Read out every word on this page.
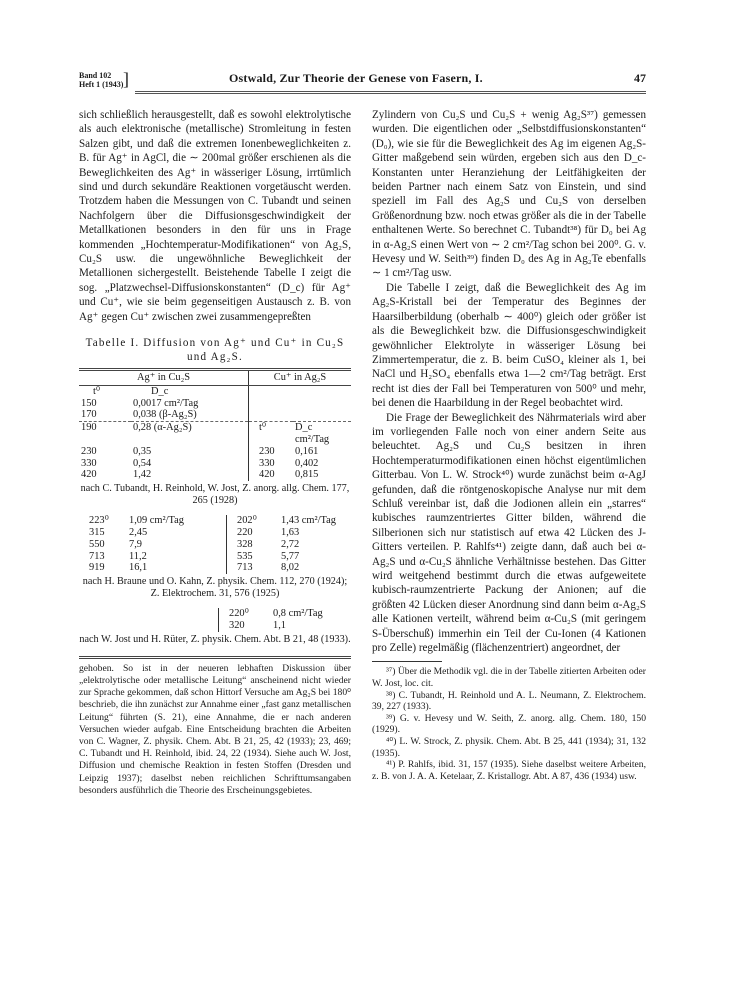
Band 102
Heft 1 (1943) ]	Ostwald, Zur Theorie der Genese von Fasern, I.	47

sich schließlich herausgestellt, daß es sowohl elektrolytische als auch elektronische (metallische) Stromleitung in festen Salzen gibt, und daß die extremen Ionenbeweglichkeiten z. B. für Ag⁺ in AgCl, die ∼ 200mal größer erschienen als die Beweglichkeiten des Ag⁺ in wässeriger Lösung, irrtümlich sind und durch sekundäre Reaktionen vorgetäuscht werden. Trotzdem haben die Messungen von C. Tubandt und seinen Nachfolgern über die Diffusionsgeschwindigkeit der Metallkationen besonders in den für uns in Frage kommenden „Hochtemperatur-Modifikationen“ von Ag₂S, Cu₂S usw. die ungewöhnliche Beweglichkeit der Metallionen sichergestellt. Beistehende Tabelle I zeigt die sog. „Platzwechsel-Diffusionskonstanten“ (D_c) für Ag⁺ und Cu⁺, wie sie beim gegenseitigen Austausch z. B. von Ag⁺ gegen Cu⁺ zwischen zwei zusammengepreßten

Tabelle I. Diffusion von Ag⁺ und Cu⁺ in Cu₂S und Ag₂S.
Ag⁺ in Cu₂S		Cu⁺ in Ag₂S	
t⁰	D_c		
150	0,0017 cm²/Tag		
170	0,038 (β-Ag₂S)		
190	0,28 (α-Ag₂S)	t⁰	D_c cm²/Tag
230	0,35	230	0,161
330	0,54	330	0,402
420	1,42	420	0,815
nach C. Tubandt, H. Reinhold, W. Jost, Z. anorg. allg. Chem. 177, 265 (1928)
223⁰	1,09 cm²/Tag	202⁰	1,43 cm²/Tag
315	2,45	220	1,63
550	7,9	328	2,72
713	11,2	535	5,77
919	16,1	713	8,02
nach H. Braune und O. Kahn, Z. physik. Chem. 112, 270 (1924); Z. Elektrochem. 31, 576 (1925)
		220⁰	0,8 cm²/Tag
		320	1,1
nach W. Jost und H. Rüter, Z. physik. Chem. Abt. B 21, 48 (1933).

gehoben. So ist in der neueren lebhaften Diskussion über „elektrolytische oder metallische Leitung“ anscheinend nicht wieder zur Sprache gekommen, daß schon Hittorf Versuche am Ag₂S bei 180⁰ beschrieb, die ihn zunächst zur Annahme einer „fast ganz metallischen Leitung“ führten (S. 21), eine Annahme, die er nach anderen Versuchen wieder aufgab. Eine Entscheidung brachten die Arbeiten von C. Wagner, Z. physik. Chem. Abt. B 21, 25, 42 (1933); 23, 469; C. Tubandt und H. Reinhold, ibid. 24, 22 (1934). Siehe auch W. Jost, Diffusion und chemische Reaktion in festen Stoffen (Dresden und Leipzig 1937); daselbst neben reichlichen Schrifttumsangaben besonders ausführlich die Theorie des Erscheinungsgebietes.

Zylindern von Cu₂S und Cu₂S + wenig Ag₂S³⁷) gemessen wurden. Die eigentlichen oder „Selbstdiffusionskonstanten“ (D₀), wie sie für die Beweglichkeit des Ag im eigenen Ag₂S-Gitter maßgebend sein würden, ergeben sich aus den D_c-Konstanten unter Heranziehung der Leitfähigkeiten der beiden Partner nach einem Satz von Einstein, und sind speziell im Fall des Ag₂S und Cu₂S von derselben Größenordnung bzw. noch etwas größer als die in der Tabelle enthaltenen Werte. So berechnet C. Tubandt³⁸) für D₀ bei Ag in α-Ag₂S einen Wert von ∼ 2 cm²/Tag schon bei 200⁰. G. v. Hevesy und W. Seith³⁹) finden D₀ des Ag in Ag₂Te ebenfalls ∼ 1 cm²/Tag usw.

Die Tabelle I zeigt, daß die Beweglichkeit des Ag im Ag₂S-Kristall bei der Temperatur des Beginnes der Haarsilberbildung (oberhalb ∼ 400⁰) gleich oder größer ist als die Beweglichkeit bzw. die Diffusionsgeschwindigkeit gewöhnlicher Elektrolyte in wässeriger Lösung bei Zimmertemperatur, die z. B. beim CuSO₄ kleiner als 1, bei NaCl und H₂SO₄ ebenfalls etwa 1—2 cm²/Tag beträgt. Erst recht ist dies der Fall bei Temperaturen von 500⁰ und mehr, bei denen die Haarbildung in der Regel beobachtet wird.

Die Frage der Beweglichkeit des Nährmaterials wird aber im vorliegenden Falle noch von einer andern Seite aus beleuchtet. Ag₂S und Cu₂S besitzen in ihren Hochtemperaturmodifikationen einen höchst eigentümlichen Gitterbau. Von L. W. Strock⁴⁰) wurde zunächst beim α-AgJ gefunden, daß die röntgenoskopische Analyse nur mit dem Schluß vereinbar ist, daß die Jodionen allein ein „starres“ kubisches raumzentriertes Gitter bilden, während die Silberionen sich nur statistisch auf etwa 42 Lücken des J-Gitters verteilen. P. Rahlfs⁴¹) zeigte dann, daß auch bei α-Ag₂S und α-Cu₂S ähnliche Verhältnisse bestehen. Das Gitter wird weitgehend bestimmt durch die etwas aufgeweitete kubisch-raumzentrierte Packung der Anionen; auf die größten 42 Lücken dieser Anordnung sind dann beim α-Ag₂S alle Kationen verteilt, während beim α-Cu₂S (mit geringem S-Überschuß) immerhin ein Teil der Cu-Ionen (4 Kationen pro Zelle) regelmäßig (flächenzentriert) angeordnet, der

³⁷) Über die Methodik vgl. die in der Tabelle zitierten Arbeiten oder W. Jost, loc. cit.

³⁸) C. Tubandt, H. Reinhold und A. L. Neumann, Z. Elektrochem. 39, 227 (1933).

³⁹) G. v. Hevesy und W. Seith, Z. anorg. allg. Chem. 180, 150 (1929).

⁴⁰) L. W. Strock, Z. physik. Chem. Abt. B 25, 441 (1934); 31, 132 (1935).

⁴¹) P. Rahlfs, ibid. 31, 157 (1935). Siehe daselbst weitere Arbeiten, z. B. von J. A. A. Ketelaar, Z. Kristallogr. Abt. A 87, 436 (1934) usw.
